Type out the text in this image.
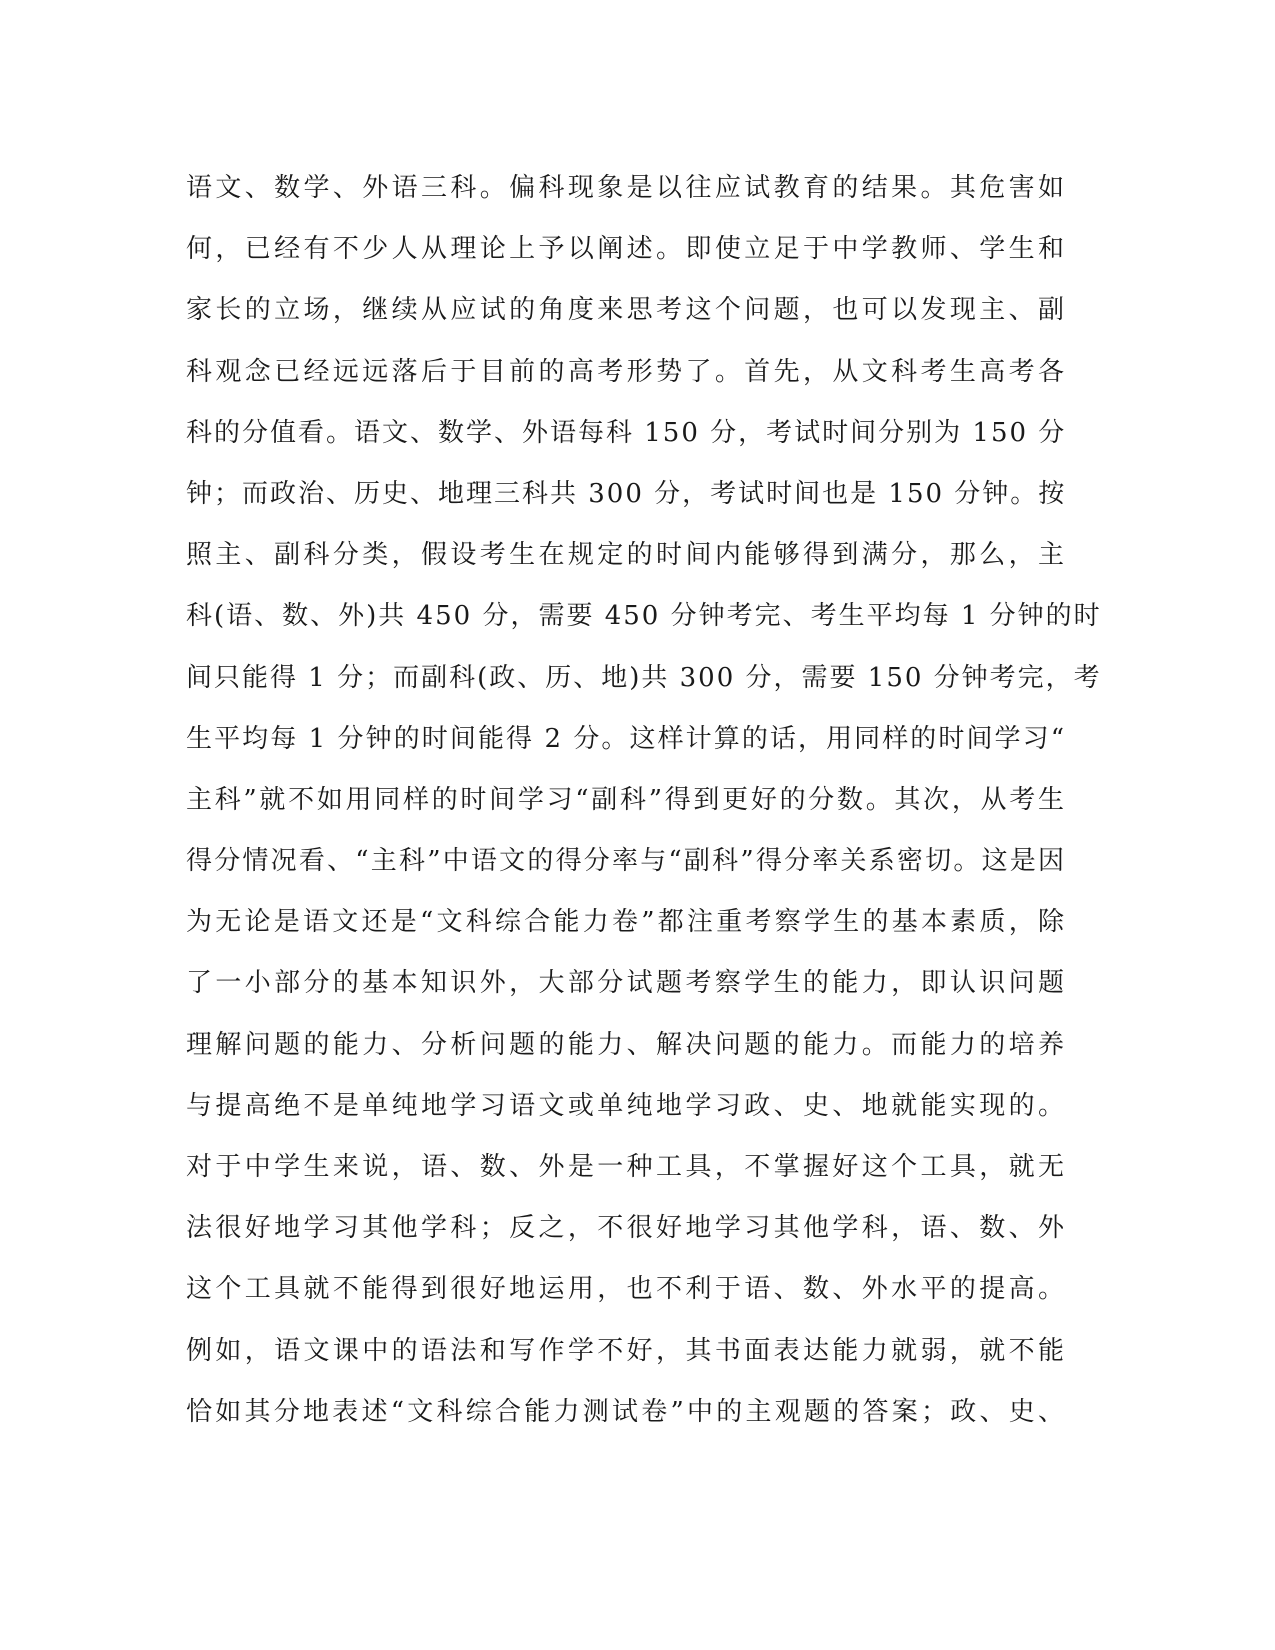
语文、数学、外语三科。偏科现象是以往应试教育的结果。其危害如
何，已经有不少人从理论上予以阐述。即使立足于中学教师、学生和
家长的立场，继续从应试的角度来思考这个问题，也可以发现主、副
科观念已经远远落后于目前的高考形势了。首先，从文科考生高考各
科的分值看。语文、数学、外语每科 150 分，考试时间分别为 150 分
钟；而政治、历史、地理三科共 300 分，考试时间也是 150 分钟。按
照主、副科分类，假设考生在规定的时间内能够得到满分，那么，主
科(语、数、外)共 450 分，需要 450 分钟考完、考生平均每 1 分钟的时
间只能得 1 分；而副科(政、历、地)共 300 分，需要 150 分钟考完，考
生平均每 1 分钟的时间能得 2 分。这样计算的话，用同样的时间学习“
主科”就不如用同样的时间学习“副科”得到更好的分数。其次，从考生
得分情况看、“主科”中语文的得分率与“副科”得分率关系密切。这是因
为无论是语文还是“文科综合能力卷”都注重考察学生的基本素质，除
了一小部分的基本知识外，大部分试题考察学生的能力，即认识问题
理解问题的能力、分析问题的能力、解决问题的能力。而能力的培养
与提高绝不是单纯地学习语文或单纯地学习政、史、地就能实现的。
对于中学生来说，语、数、外是一种工具，不掌握好这个工具，就无
法很好地学习其他学科；反之，不很好地学习其他学科，语、数、外
这个工具就不能得到很好地运用，也不利于语、数、外水平的提高。
例如，语文课中的语法和写作学不好，其书面表达能力就弱，就不能
恰如其分地表述“文科综合能力测试卷”中的主观题的答案；政、史、
